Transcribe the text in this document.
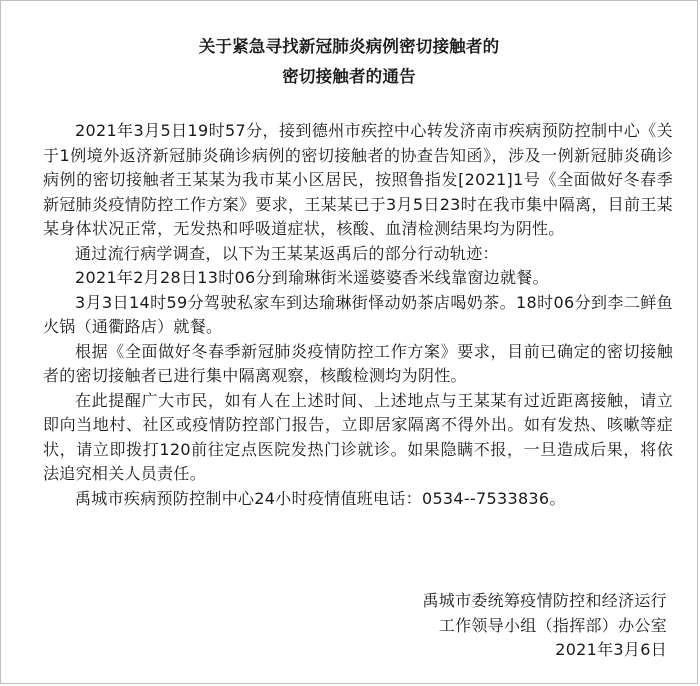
关于紧急寻找新冠肺炎病例密切接触者的
密切接触者的通告

2021年3月5日19时57分，接到德州市疾控中心转发济南市疾病预防控制中心《关于1例境外返济新冠肺炎确诊病例的密切接触者的协查告知函》，涉及一例新冠肺炎确诊病例的密切接触者王某某为我市某小区居民，按照鲁指发[2021]1号《全面做好冬春季新冠肺炎疫情防控工作方案》要求，王某某已于3月5日23时在我市集中隔离，目前王某某身体状况正常，无发热和呼吸道症状，核酸、血清检测结果均为阴性。

通过流行病学调查，以下为王某某返禹后的部分行动轨迹：

2021年2月28日13时06分到瑜琳街米遥婆婆香米线靠窗边就餐。

3月3日14时59分驾驶私家车到达瑜琳街怿动奶茶店喝奶茶。18时06分到李二鲜鱼火锅（通衢路店）就餐。

根据《全面做好冬春季新冠肺炎疫情防控工作方案》要求，目前已确定的密切接触者的密切接触者已进行集中隔离观察，核酸检测均为阴性。

在此提醒广大市民，如有人在上述时间、上述地点与王某某有过近距离接触，请立即向当地村、社区或疫情防控部门报告，立即居家隔离不得外出。如有发热、咳嗽等症状，请立即拨打120前往定点医院发热门诊就诊。如果隐瞒不报，一旦造成后果，将依法追究相关人员责任。

禹城市疾病预防控制中心24小时疫情值班电话：0534--7533836。

禹城市委统筹疫情防控和经济运行
工作领导小组（指挥部）办公室
2021年3月6日
